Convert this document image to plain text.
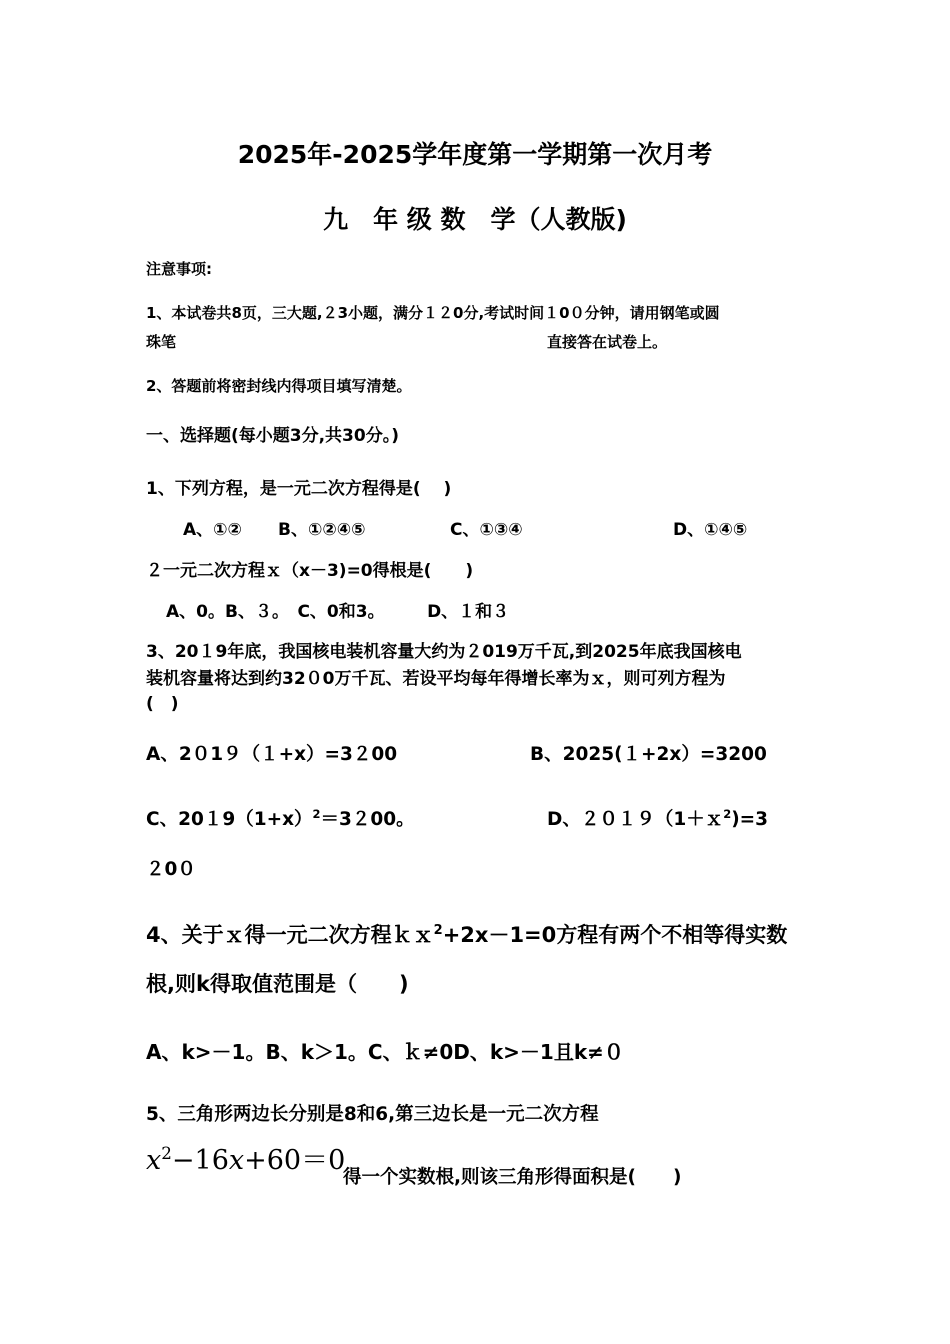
2025年-2025学年度第一学期第一次月考
九　年 级 数　学（人教版)
注意事项:
1、本试卷共8页，三大题,２3小题，满分１２0分,考试时间１0０分钟，请用钢笔或圆
珠笔	直接答在试卷上。
2、答题前将密封线内得项目填写清楚。
一、选择题(每小题3分,共30分。)
1、下列方程，是一元二次方程得是(　 )
A、①② B、①②④⑤	C、①③④	D、①④⑤
２一元二次方程ｘ（x－3)=0得根是(　　)
A、0。B、３。　C、0和3。　　　D、１和３
3、20１9年底，我国核电装机容量大约为２019万千瓦,到2025年底我国核电
装机容量将达到约32０0万千瓦、若设平均每年得增长率为ｘ，则可列方程为
(　)
A、2０1９（１+x）=3２00	B、2025(１+2x）=3200
C、$2019(1+x)^2=3200$。	D、２０１９（1＋ｘ$^2$)=3
２0０
4、关于ｘ得一元二次方程ｋｘ$^2$+2x－1=0方程有两个不相等得实数
根,则k得取值范围是（　　)
A、k>－1。B、k＞1。C、ｋ≠0D、k>－1且k≠０
5、三角形两边长分别是8和6,第三边长是一元二次方程
$x^2-16x+60=0$
得一个实数根,则该三角形得面积是(　　)
